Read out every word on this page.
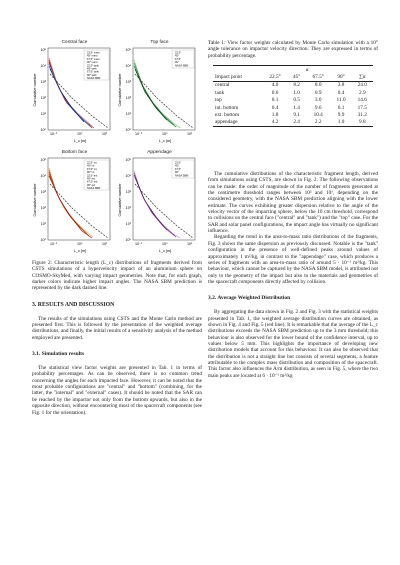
Central face
10⁵
10⁴
10³
10²
10¹
10⁰
10⁻¹	10⁰	10¹
L_c [m]
Cumulative number
22.5° mero
45° mero
67.5° mero
90° mero
22.5° tank
45° tank
67.5° tank
90° tank
NASA SBM
Top face
10⁵
10⁴
10³
10²
10¹
10⁰
10⁻¹	10⁰	10¹
L_c [m]
Cumulative number
22.5°
45°
67.5°
90°
NASA SBM
Bottom face
10⁵
10⁴
10³
10²
10¹
10⁰
10⁻¹	10⁰	10¹
L_c [m]
Cumulative number
22.5° int
45° int
67.5° int
90° int
22.5° ext
45° ext
67.5° ext
90° ext
NASA SBM
Appendage
10⁵
10⁴
10³
10²
10¹
10⁰
10⁻¹	10⁰	10¹
L_c [m]
Cumulative number
22.5°
45°
67.5°
90°
NASA SBM

Figure 2: Characteristic length (L_c) distributions of fragments derived from CSTS simulations of a hypervelocity impact of an aluminium sphere on COSMO-SkyMed, with varying impact geometries. Note that, for each graph, darker colors indicate higher impact angles. The NASA SBM prediction is represented by the dark dashed line.

3. RESULTS AND DISCUSSION

The results of the simulations using CSTS and the Monte Carlo method are presented first. This is followed by the presentation of the weighted average distributions, and finally, the initial results of a sensitivity analysis of the method employed are presented.

3.1. Simulation results

The statistical view factor weights are presented in Tab. 1 in terms of probability percentages. As can be observed, there is no common trend concerning the angles for each impacted face. However, it can be noted that the most probable configurations are "central" and "bottom" (combining, for the latter, the "internal" and "external" cases). It should be noted that the SAR can be reached by the impactor not only from the bottom upwards, but also in the opposite direction, without encountering most of the spacecraft components (see Fig. 1 for the orientation).

Table 1: View factor weights calculated by Monte Carlo simulation with a 10° angle tolerance on impactor velocity direction. They are expressed in terms of probability percentage.

	α				
Impact point	22.5°	45°	67.5°	90°	∑α
central	4.0	8.2	8.0	3.8	24.0
tank	0.6	1.0	0.9	0.4	2.9
top	0.1	0.5	3.0	11.0	14.6
int. bottom	0.4	1.4	9.6	6.1	17.5
ext. bottom	1.8	9.1	10.4	9.9	31.2
appendage	4.2	2.4	2.2	1.0	9.8

The cumulative distributions of the characteristic fragment length, derived from simulations using CSTS, are shown in Fig. 2. The following observations can be made: the order of magnitude of the number of fragments generated at the centimetre threshold ranges between 10² and 10³, depending on the considered geometry, with the NASA SBM prediction aligning with the lower estimate. The curves exhibiting greater dispersion relative to the angle of the velocity vector of the impacting sphere, below the 10 cm threshold, correspond to collisions on the central face ("central" and "tank") and the "top" case. For the SAR and solar panel configurations, the impact angle has virtually no significant influence.

Regarding the trend in the area-to-mass ratio distributions of the fragments, Fig. 3 shows the same dispersion as previously discussed. Notable is the "tank" configuration in the presence of well-defined peaks around values of approximately 1 m²/kg, in contrast to the "appendage" case, which produces a series of fragments with an area-to-mass ratio of around 5 · 10⁻¹ m²/kg. This behaviour, which cannot be captured by the NASA SBM model, is attributed not only to the geometry of the impact but also to the materials and geometries of the spacecraft components directly affected by collision.

3.2. Average Weighted Distribution

By aggregating the data shown in Fig. 2 and Fig. 3 with the statistical weights presented in Tab. 1, the weighted average distribution curves are obtained, as shown in Fig. 4 and Fig. 5 (red line). It is remarkable that the average of the L_c distributions exceeds the NASA SBM prediction up to the 3 mm threshold; this behaviour is also observed for the lower bound of the confidence interval, up to values below 5 mm. This highlights the importance of developing new distribution models that account for this behaviour. It can also be observed that the distribution is not a straight line but consists of several segments, a feature attributable to the complex mass distribution and composition of the spacecraft. This factor also influences the A/m distribution, as seen in Fig. 5, where the two main peaks are located at 6 · 10⁻¹ m²/kg
